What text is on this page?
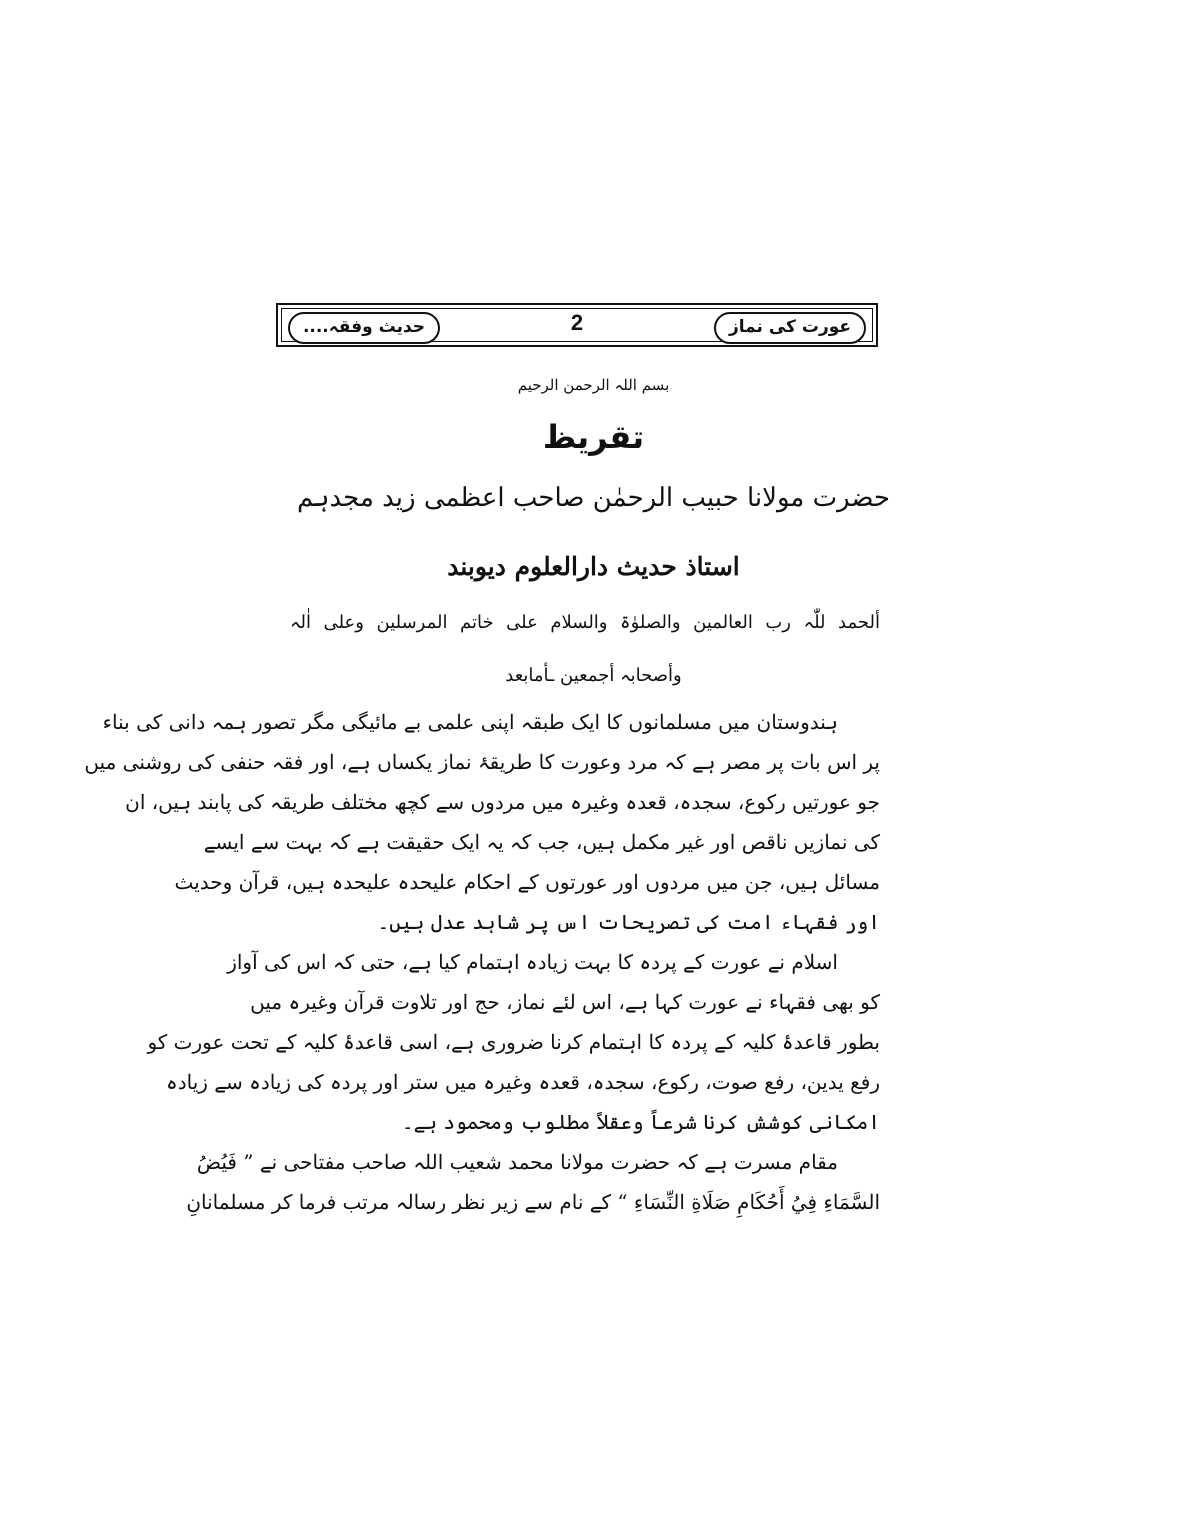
حدیث وفقہ....	2	عورت کی نماز
بسم اللہ الرحمن الرحیم
تقریظ
حضرت مولانا حبیب الرحمٰن صاحب اعظمی زید مجدہم
استاذ حدیث دارالعلوم دیوبند
ألحمد للّٰہ رب العالمین والصلوٰۃ والسلام علی خاتم المرسلین وعلی اٰلہ
وأصحابہ أجمعین ـأمابعد
ہندوستان میں مسلمانوں کا ایک طبقہ اپنی علمی بے مائیگی مگر تصور ہمہ دانی کی بناء
پر اس بات پر مصر ہے کہ مرد وعورت کا طریقۂ نماز یکساں ہے، اور فقہ حنفی کی روشنی میں
جو عورتیں رکوع، سجدہ، قعدہ وغیرہ میں مردوں سے کچھ مختلف طریقہ کی پابند ہیں، ان
کی نمازیں ناقص اور غیر مکمل ہیں، جب کہ یہ ایک حقیقت ہے کہ بہت سے ایسے
مسائل ہیں، جن میں مردوں اور عورتوں کے احکام علیحدہ علیحدہ ہیں، قرآن وحدیث
اور فقہاء امت کی تصریحات اس پر شاہد عدل ہیں۔
اسلام نے عورت کے پردہ کا بہت زیادہ اہتمام کیا ہے، حتی کہ اس کی آواز
کو بھی فقہاء نے عورت کہا ہے، اس لئے نماز، حج اور تلاوت قرآن وغیرہ میں
بطور قاعدۂ کلیہ کے پردہ کا اہتمام کرنا ضروری ہے، اسی قاعدۂ کلیہ کے تحت عورت کو
رفع یدین، رفع صوت، رکوع، سجدہ، قعدہ وغیرہ میں ستر اور پردہ کی زیادہ سے زیادہ
امکانی کوشش کرنا شرعاً وعقلاً مطلوب ومحمود ہے۔
مقام مسرت ہے کہ حضرت مولانا محمد شعیب اللہ صاحب مفتاحی نے ” فَيُضُ
السَّمَاءِ فِيُ أَحُكَامِ صَلَاةِ النِّسَاءِ “ کے نام سے زیر نظر رسالہ مرتب فرما کر مسلمانانِ
